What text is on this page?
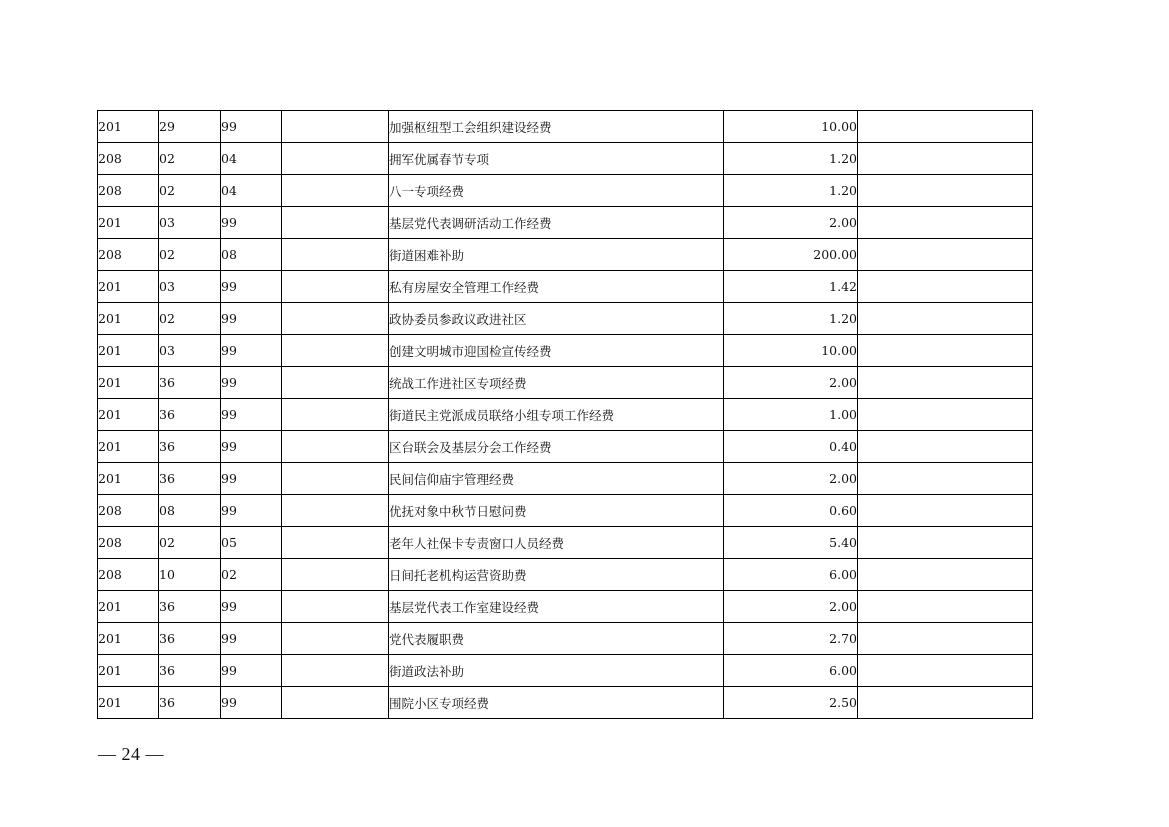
201	29	99		加强枢纽型工会组织建设经费	10.00	
208	02	04		拥军优属春节专项	1.20	
208	02	04		八一专项经费	1.20	
201	03	99		基层党代表调研活动工作经费	2.00	
208	02	08		街道困难补助	200.00	
201	03	99		私有房屋安全管理工作经费	1.42	
201	02	99		政协委员参政议政进社区	1.20	
201	03	99		创建文明城市迎国检宣传经费	10.00	
201	36	99		统战工作进社区专项经费	2.00	
201	36	99		街道民主党派成员联络小组专项工作经费	1.00	
201	36	99		区台联会及基层分会工作经费	0.40	
201	36	99		民间信仰庙宇管理经费	2.00	
208	08	99		优抚对象中秋节日慰问费	0.60	
208	02	05		老年人社保卡专责窗口人员经费	5.40	
208	10	02		日间托老机构运营资助费	6.00	
201	36	99		基层党代表工作室建设经费	2.00	
201	36	99		党代表履职费	2.70	
201	36	99		街道政法补助	6.00	
201	36	99		围院小区专项经费	2.50	
— 24 —
